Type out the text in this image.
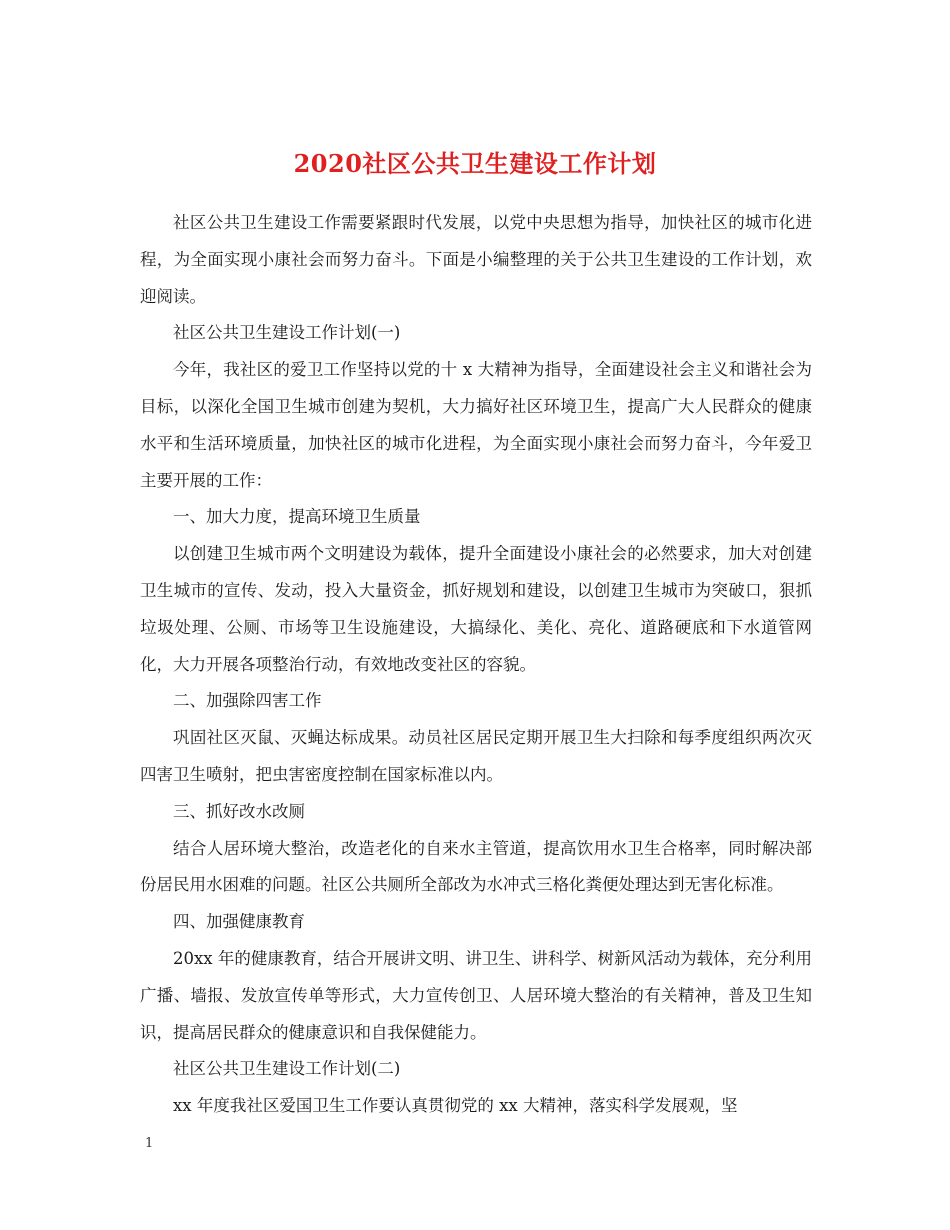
2020社区公共卫生建设工作计划

社区公共卫生建设工作需要紧跟时代发展，以党中央思想为指导，加快社区的城市化进程，为全面实现小康社会而努力奋斗。下面是小编整理的关于公共卫生建设的工作计划，欢迎阅读。

社区公共卫生建设工作计划(一)

今年，我社区的爱卫工作坚持以党的十 x 大精神为指导，全面建设社会主义和谐社会为目标，以深化全国卫生城市创建为契机，大力搞好社区环境卫生，提高广大人民群众的健康水平和生活环境质量，加快社区的城市化进程，为全面实现小康社会而努力奋斗，今年爱卫主要开展的工作：

一、加大力度，提高环境卫生质量

以创建卫生城市两个文明建设为载体，提升全面建设小康社会的必然要求，加大对创建卫生城市的宣传、发动，投入大量资金，抓好规划和建设，以创建卫生城市为突破口，狠抓垃圾处理、公厕、市场等卫生设施建设，大搞绿化、美化、亮化、道路硬底和下水道管网化，大力开展各项整治行动，有效地改变社区的容貌。

二、加强除四害工作

巩固社区灭鼠、灭蝇达标成果。动员社区居民定期开展卫生大扫除和每季度组织两次灭四害卫生喷射，把虫害密度控制在国家标准以内。

三、抓好改水改厕

结合人居环境大整治，改造老化的自来水主管道，提高饮用水卫生合格率，同时解决部份居民用水困难的问题。社区公共厕所全部改为水冲式三格化粪便处理达到无害化标准。

四、加强健康教育

20xx 年的健康教育，结合开展讲文明、讲卫生、讲科学、树新风活动为载体，充分利用广播、墙报、发放宣传单等形式，大力宣传创卫、人居环境大整治的有关精神，普及卫生知识，提高居民群众的健康意识和自我保健能力。

社区公共卫生建设工作计划(二)

xx 年度我社区爱国卫生工作要认真贯彻党的 xx 大精神，落实科学发展观，坚

1
